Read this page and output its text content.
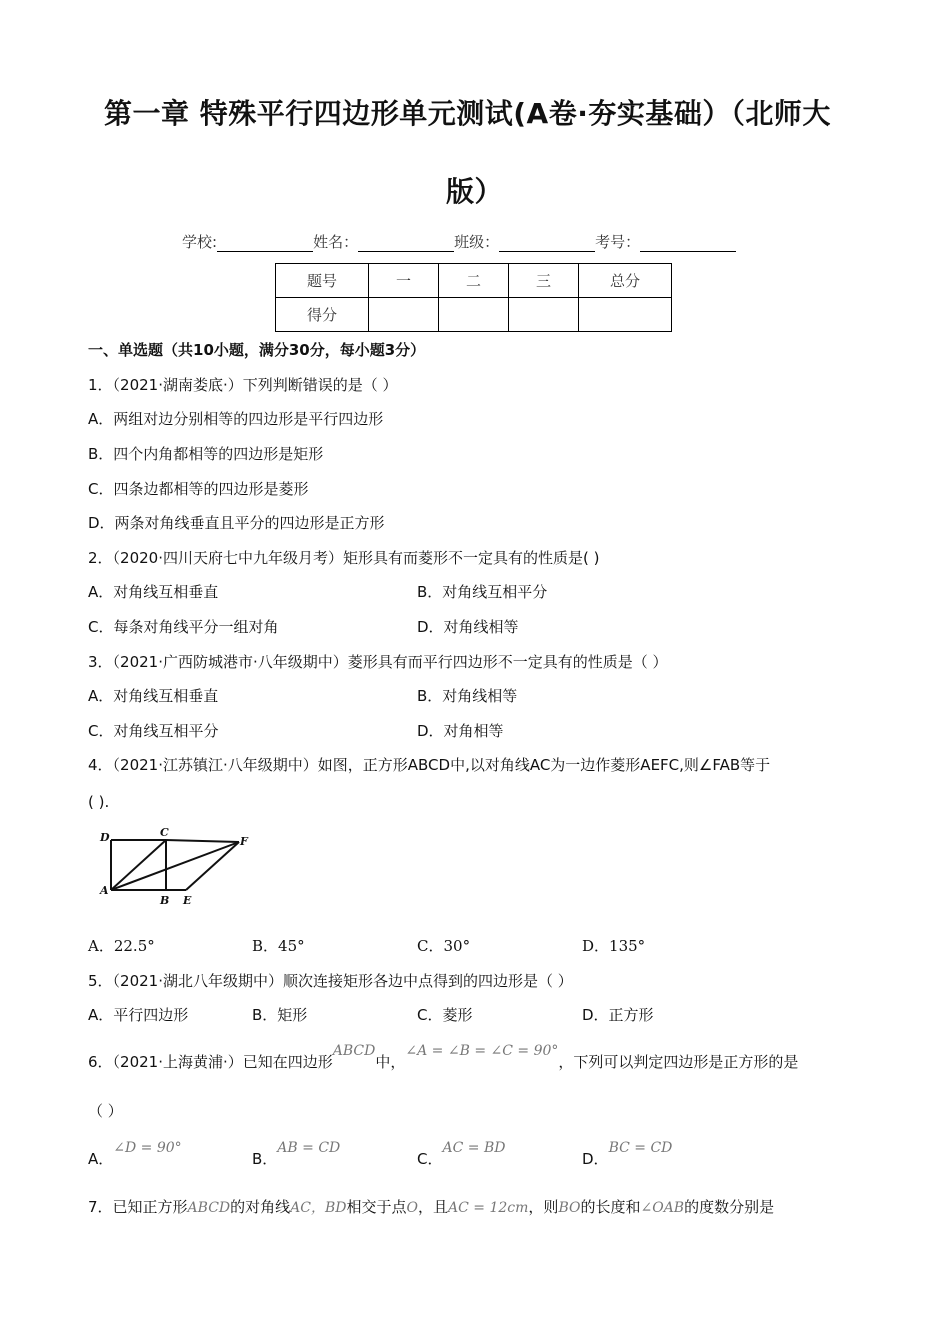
第一章 特殊平行四边形单元测试(A卷·夯实基础）（北师大
版）
学校:	姓名：	班级：	考号：
题号	一	二	三	总分
得分				
一、单选题（共10小题，满分30分，每小题3分）
1．（2021·湖南娄底·）下列判断错误的是（ ）
A．两组对边分别相等的四边形是平行四边形
B．四个内角都相等的四边形是矩形
C．四条边都相等的四边形是菱形
D．两条对角线垂直且平分的四边形是正方形
2．（2020·四川天府七中九年级月考）矩形具有而菱形不一定具有的性质是( )
A．对角线互相垂直	B．对角线互相平分
C．每条对角线平分一组对角	D．对角线相等
3．（2021·广西防城港市·八年级期中）菱形具有而平行四边形不一定具有的性质是（ ）
A．对角线互相垂直	B．对角线相等
C．对角线互相平分	D．对角相等
4．（2021·江苏镇江·八年级期中）如图，正方形ABCD中,以对角线AC为一边作菱形AEFC,则∠FAB等于
( ).
D	C
F
A
B E
A．22.5°	B．45°	C．30°	D．135°
5．（2021·湖北八年级期中）顺次连接矩形各边中点得到的四边形是（ ）
A．平行四边形	B．矩形	C．菱形	D．正方形
6．（2021·上海黄浦·）已知在四边形ABCD中，∠A = ∠B = ∠C = 90°，下列可以判定四边形是正方形的是
（ ）
A．∠D = 90°
B．AB = CD
C．AC = BD
D．BC = CD
7．已知正方形ABCD的对角线AC，BD相交于点O，且AC = 12cm，则BO的长度和∠OAB的度数分别是
